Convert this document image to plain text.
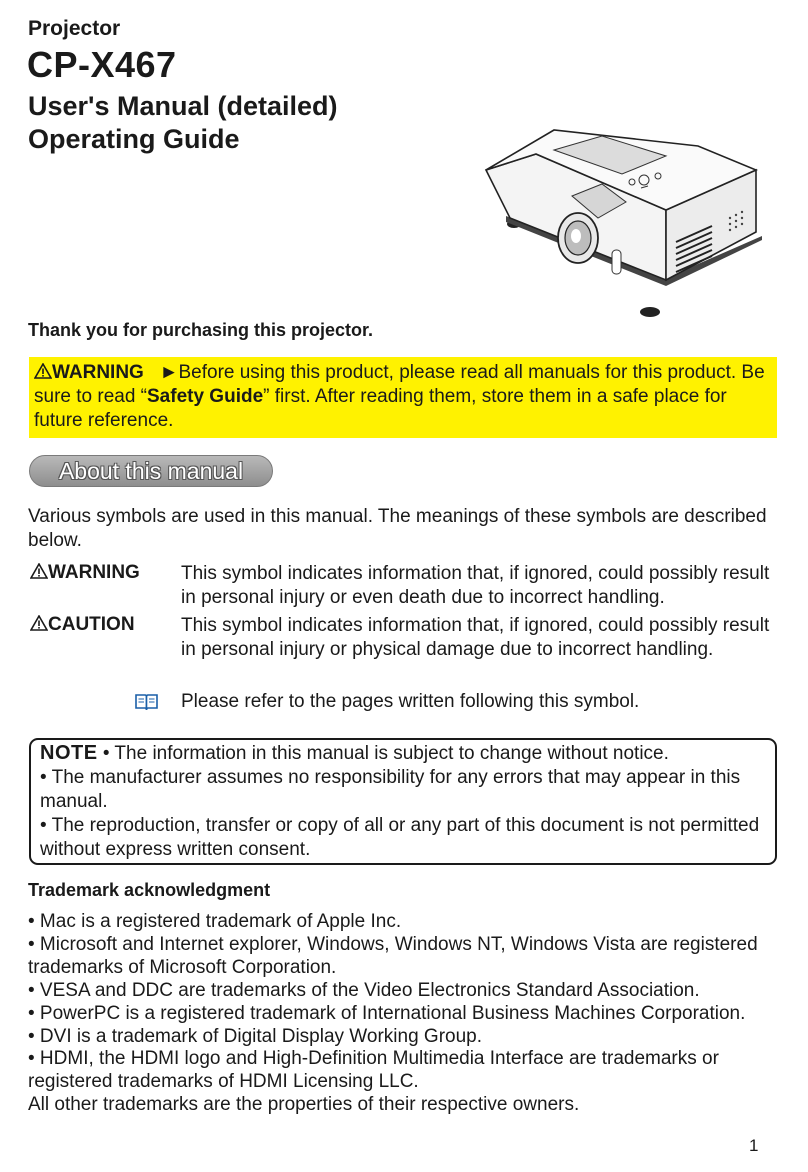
Projector
CP-X467
User's Manual (detailed)
Operating Guide
Thank you for purchasing this projector.
WARNING ►Before using this product, please read all manuals for this product. Be sure to read “Safety Guide” first. After reading them, store them in a safe place for future reference.
About this manual
Various symbols are used in this manual. The meanings of these symbols are described below.
WARNING This symbol indicates information that, if ignored, could possibly result in personal injury or even death due to incorrect handling.
CAUTION This symbol indicates information that, if ignored, could possibly result in personal injury or physical damage due to incorrect handling.
Please refer to the pages written following this symbol.
NOTE • The information in this manual is subject to change without notice.
• The manufacturer assumes no responsibility for any errors that may appear in this manual.
• The reproduction, transfer or copy of all or any part of this document is not permitted without express written consent.
Trademark acknowledgment
• Mac is a registered trademark of Apple Inc.
• Microsoft and Internet explorer, Windows, Windows NT, Windows Vista are registered trademarks of Microsoft Corporation.
• VESA and DDC are trademarks of the Video Electronics Standard Association.
• PowerPC is a registered trademark of International Business Machines Corporation.
• DVI is a trademark of Digital Display Working Group.
• HDMI, the HDMI logo and High-Definition Multimedia Interface are trademarks or registered trademarks of HDMI Licensing LLC.
All other trademarks are the properties of their respective owners.
1
